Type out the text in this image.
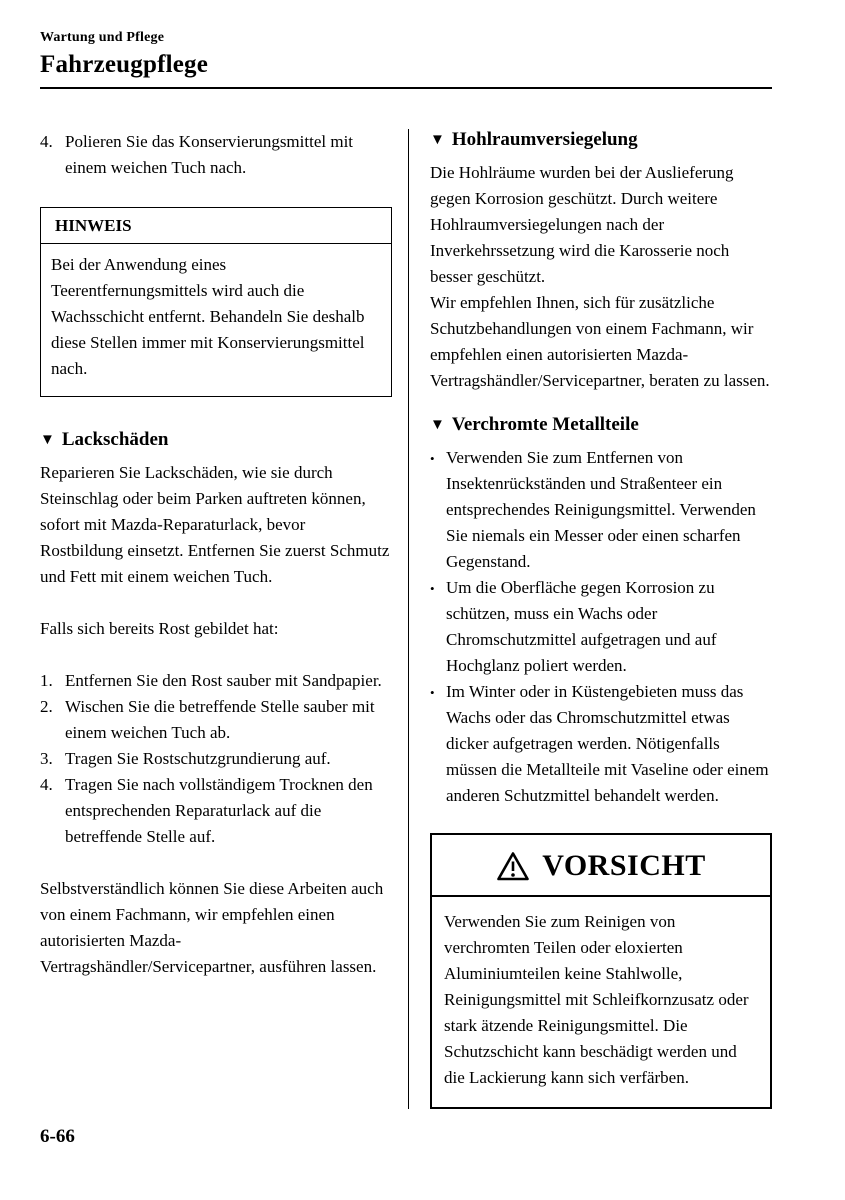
Wartung und Pflege
Fahrzeugpflege
4. Polieren Sie das Konservierungsmittel mit einem weichen Tuch nach.
HINWEIS
Bei der Anwendung eines Teerentfernungsmittels wird auch die Wachsschicht entfernt. Behandeln Sie deshalb diese Stellen immer mit Konservierungsmittel nach.
▼ Lackschäden

Reparieren Sie Lackschäden, wie sie durch Steinschlag oder beim Parken auftreten können, sofort mit Mazda-Reparaturlack, bevor Rostbildung einsetzt. Entfernen Sie zuerst Schmutz und Fett mit einem weichen Tuch.

Falls sich bereits Rost gebildet hat:

1. Entfernen Sie den Rost sauber mit Sandpapier.
2. Wischen Sie die betreffende Stelle sauber mit einem weichen Tuch ab.
3. Tragen Sie Rostschutzgrundierung auf.
4. Tragen Sie nach vollständigem Trocknen den entsprechenden Reparaturlack auf die betreffende Stelle auf.

Selbstverständlich können Sie diese Arbeiten auch von einem Fachmann, wir empfehlen einen autorisierten Mazda-Vertragshändler/Servicepartner, ausführen lassen.

▼ Hohlraumversiegelung

Die Hohlräume wurden bei der Auslieferung gegen Korrosion geschützt. Durch weitere Hohlraumversiegelungen nach der Inverkehrssetzung wird die Karosserie noch besser geschützt.

Wir empfehlen Ihnen, sich für zusätzliche Schutzbehandlungen von einem Fachmann, wir empfehlen einen autorisierten Mazda-Vertragshändler/Servicepartner, beraten zu lassen.

▼ Verchromte Metallteile
• Verwenden Sie zum Entfernen von Insektenrückständen und Straßenteer ein entsprechendes Reinigungsmittel. Verwenden Sie niemals ein Messer oder einen scharfen Gegenstand.
• Um die Oberfläche gegen Korrosion zu schützen, muss ein Wachs oder Chromschutzmittel aufgetragen und auf Hochglanz poliert werden.
• Im Winter oder in Küstengebieten muss das Wachs oder das Chromschutzmittel etwas dicker aufgetragen werden. Nötigenfalls müssen die Metallteile mit Vaseline oder einem anderen Schutzmittel behandelt werden.
VORSICHT
Verwenden Sie zum Reinigen von verchromten Teilen oder eloxierten Aluminiumteilen keine Stahlwolle, Reinigungsmittel mit Schleifkornzusatz oder stark ätzende Reinigungsmittel. Die Schutzschicht kann beschädigt werden und die Lackierung kann sich verfärben.
6-66
